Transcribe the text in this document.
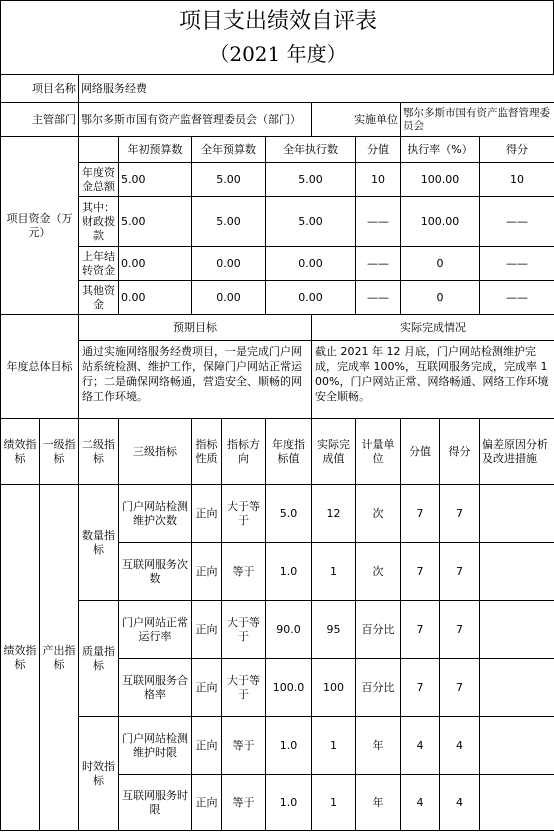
项目支出绩效自评表
（2021 年度）
项目名称		网络服务经费									
主管部门		鄂尔多斯市国有资产监督管理委员会（部门）					实施单位		鄂尔多斯市国有资产监督管理委员会		
项目资金（万元）			年初预算数	全年预算数		全年执行数		分值	执行率（%）		得分
		年度资金总额	5.00	5.00		5.00		10	100.00		10
		其中：财政拨款	5.00	5.00		5.00		——	100.00		——
		上年结转资金	0.00	0.00		0.00		——	0		——
		其他资金	0.00	0.00		0.00		——	0		——
年度总体目标		预期目标					实际完成情况				
		通过实施网络服务经费项目，一是完成门户网站系统检测、维护工作，保障门户网站正常运行；二是确保网络畅通，营造安全、顺畅的网络工作环境。					截止 2021 年 12 月底，门户网站检测维护完成，完成率 100%，互联网服务完成，完成率 100%，门户网站正常、网络畅通、网络工作环境安全顺畅。				
绩效指标	一级指标	二级指标	三级指标	指标性质	指标方向	年度指标值	实际完成值	计量单位	分值	得分	偏差原因分析及改进措施
绩效指标	产出指标	数量指标	门户网站检测维护次数	正向	大于等于	5.0	12	次	7	7	
			互联网服务次数	正向	等于	1.0	1	次	7	7	
		质量指标	门户网站正常运行率	正向	大于等于	90.0	95	百分比	7	7	
			互联网服务合格率	正向	大于等于	100.0	100	百分比	7	7	
		时效指标	门户网站检测维护时限	正向	等于	1.0	1	年	4	4	
			互联网服务时限	正向	等于	1.0	1	年	4	4	
